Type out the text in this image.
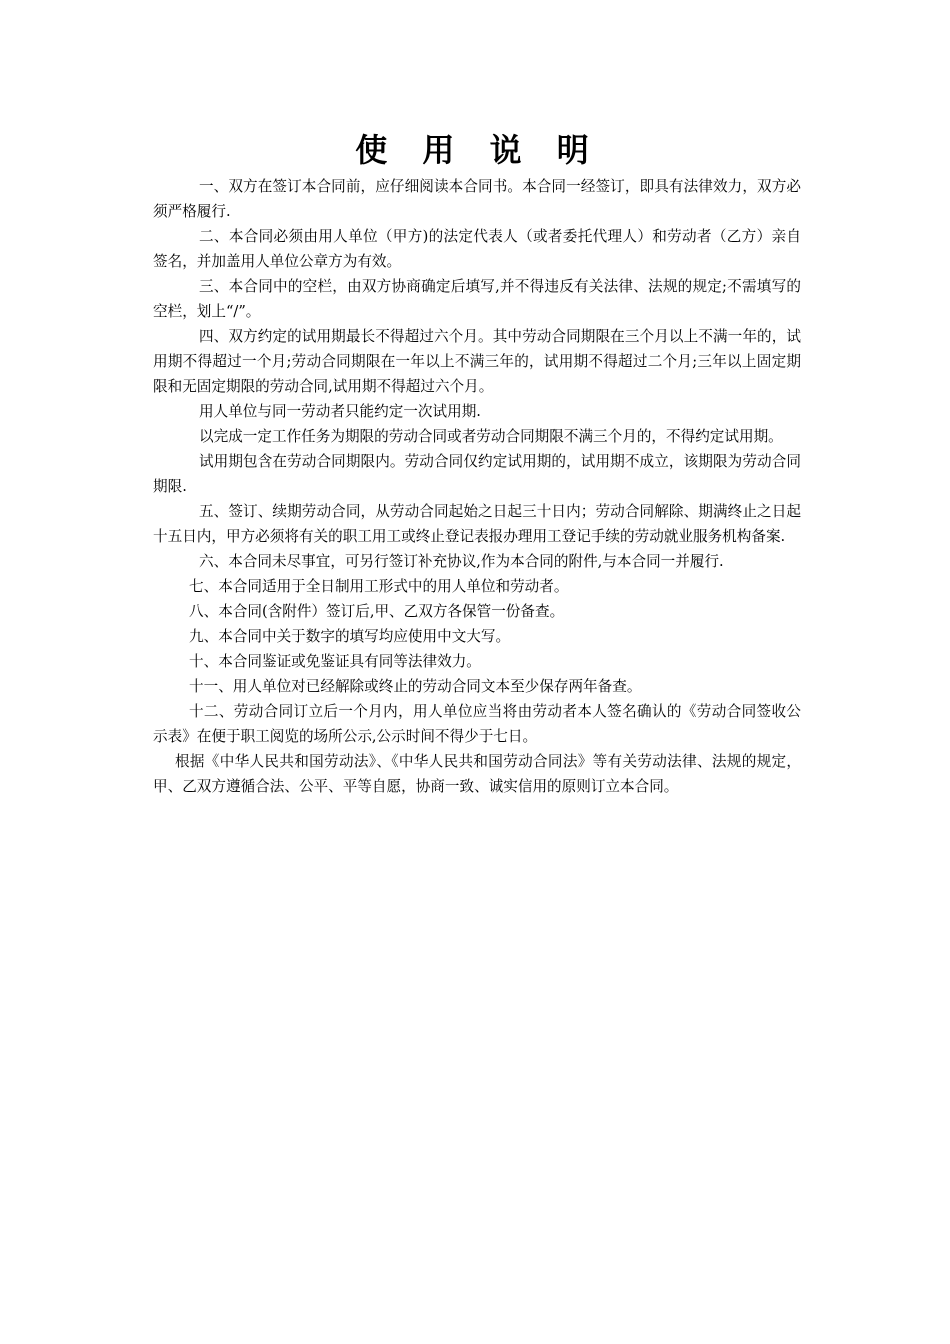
使 用 说 明

一、双方在签订本合同前，应仔细阅读本合同书。本合同一经签订，即具有法律效力，双方必须严格履行.

二、本合同必须由用人单位（甲方)的法定代表人（或者委托代理人）和劳动者（乙方）亲自签名，并加盖用人单位公章方为有效。

三、本合同中的空栏，由双方协商确定后填写,并不得违反有关法律、法规的规定;不需填写的空栏，划上“/”。

四、双方约定的试用期最长不得超过六个月。其中劳动合同期限在三个月以上不满一年的，试用期不得超过一个月;劳动合同期限在一年以上不满三年的，试用期不得超过二个月;三年以上固定期限和无固定期限的劳动合同,试用期不得超过六个月。

用人单位与同一劳动者只能约定一次试用期.

以完成一定工作任务为期限的劳动合同或者劳动合同期限不满三个月的，不得约定试用期。

试用期包含在劳动合同期限内。劳动合同仅约定试用期的，试用期不成立，该期限为劳动合同期限.

五、签订、续期劳动合同，从劳动合同起始之日起三十日内；劳动合同解除、期满终止之日起十五日内，甲方必须将有关的职工用工或终止登记表报办理用工登记手续的劳动就业服务机构备案.

六、本合同未尽事宜，可另行签订补充协议,作为本合同的附件,与本合同一并履行.

七、本合同适用于全日制用工形式中的用人单位和劳动者。

八、本合同(含附件）签订后,甲、乙双方各保管一份备查。

九、本合同中关于数字的填写均应使用中文大写。

十、本合同鉴证或免鉴证具有同等法律效力。

十一、用人单位对已经解除或终止的劳动合同文本至少保存两年备查。

十二、劳动合同订立后一个月内，用人单位应当将由劳动者本人签名确认的《劳动合同签收公示表》在便于职工阅览的场所公示,公示时间不得少于七日。

根据《中华人民共和国劳动法》、《中华人民共和国劳动合同法》等有关劳动法律、法规的规定，甲、乙双方遵循合法、公平、平等自愿，协商一致、诚实信用的原则订立本合同。
